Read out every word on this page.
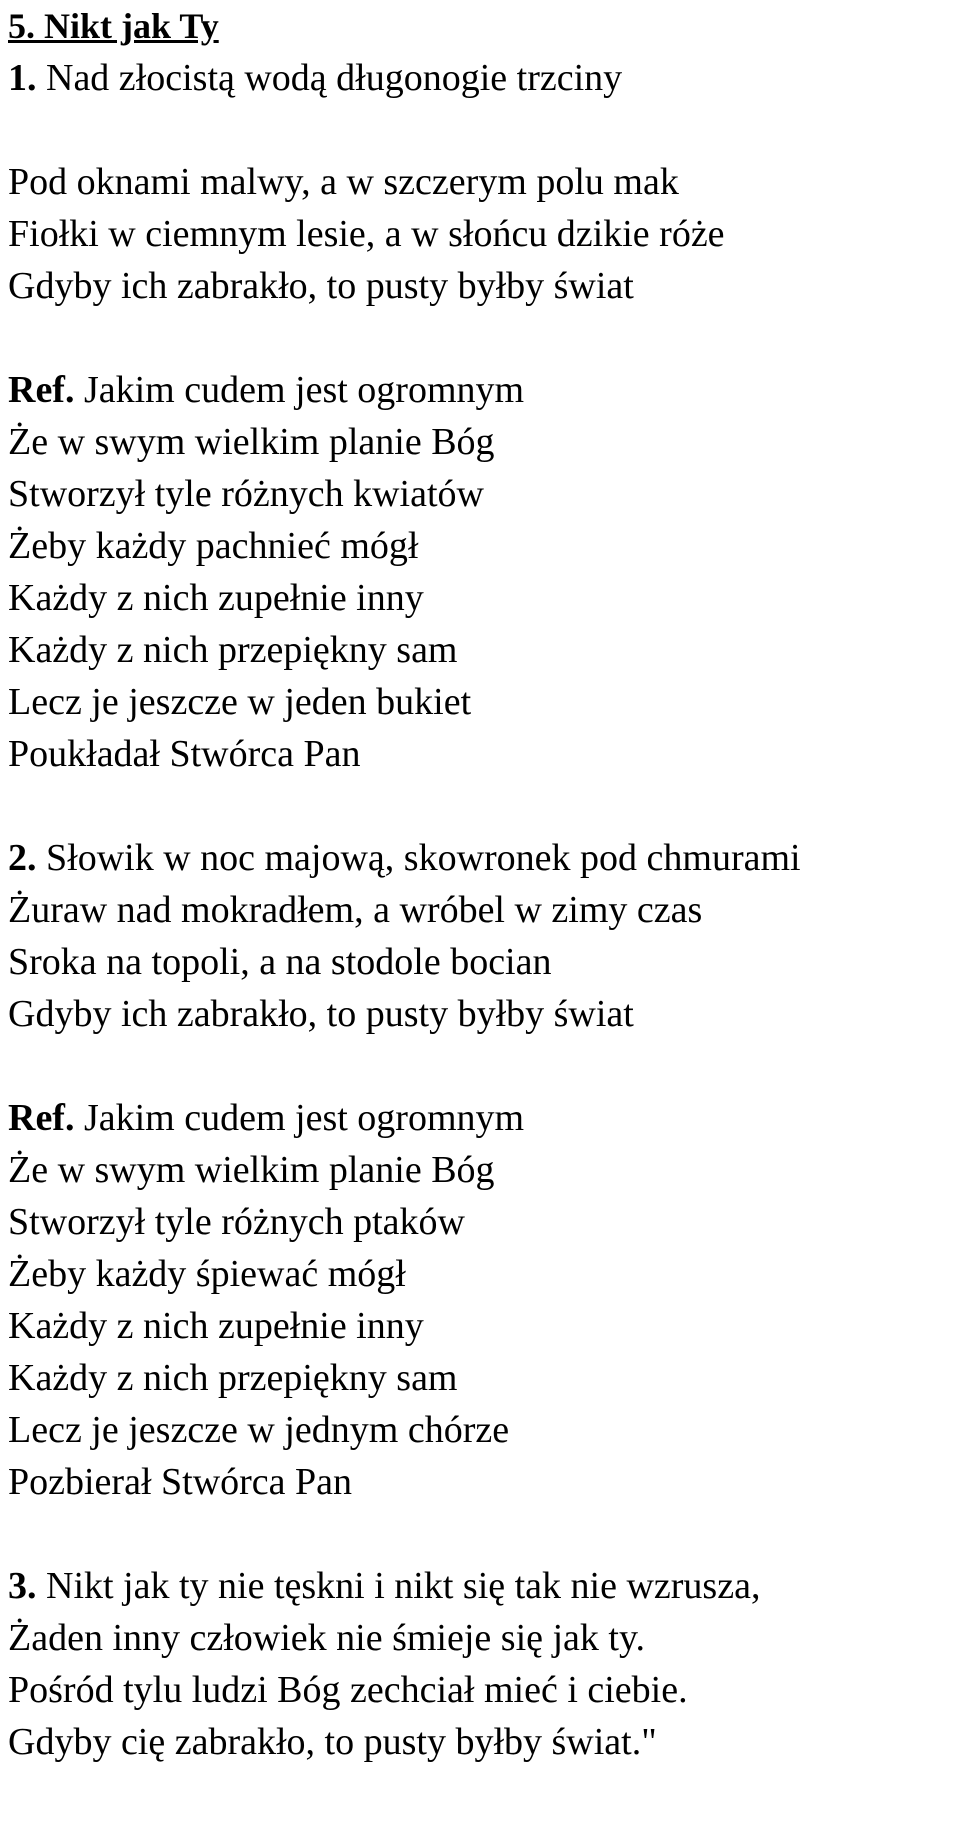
5. Nikt jak Ty
1. Nad złocistą wodą długonogie trzciny
Pod oknami malwy, a w szczerym polu mak
Fiołki w ciemnym lesie, a w słońcu dzikie róże
Gdyby ich zabrakło, to pusty byłby świat
Ref. Jakim cudem jest ogromnym
Że w swym wielkim planie Bóg
Stworzył tyle różnych kwiatów
Żeby każdy pachnieć mógł
Każdy z nich zupełnie inny
Każdy z nich przepiękny sam
Lecz je jeszcze w jeden bukiet
Poukładał Stwórca Pan
2. Słowik w noc majową, skowronek pod chmurami
Żuraw nad mokradłem, a wróbel w zimy czas
Sroka na topoli, a na stodole bocian
Gdyby ich zabrakło, to pusty byłby świat
Ref. Jakim cudem jest ogromnym
Że w swym wielkim planie Bóg
Stworzył tyle różnych ptaków
Żeby każdy śpiewać mógł
Każdy z nich zupełnie inny
Każdy z nich przepiękny sam
Lecz je jeszcze w jednym chórze
Pozbierał Stwórca Pan
3. Nikt jak ty nie tęskni i nikt się tak nie wzrusza,
Żaden inny człowiek nie śmieje się jak ty.
Pośród tylu ludzi Bóg zechciał mieć i ciebie.
Gdyby cię zabrakło, to pusty byłby świat."
